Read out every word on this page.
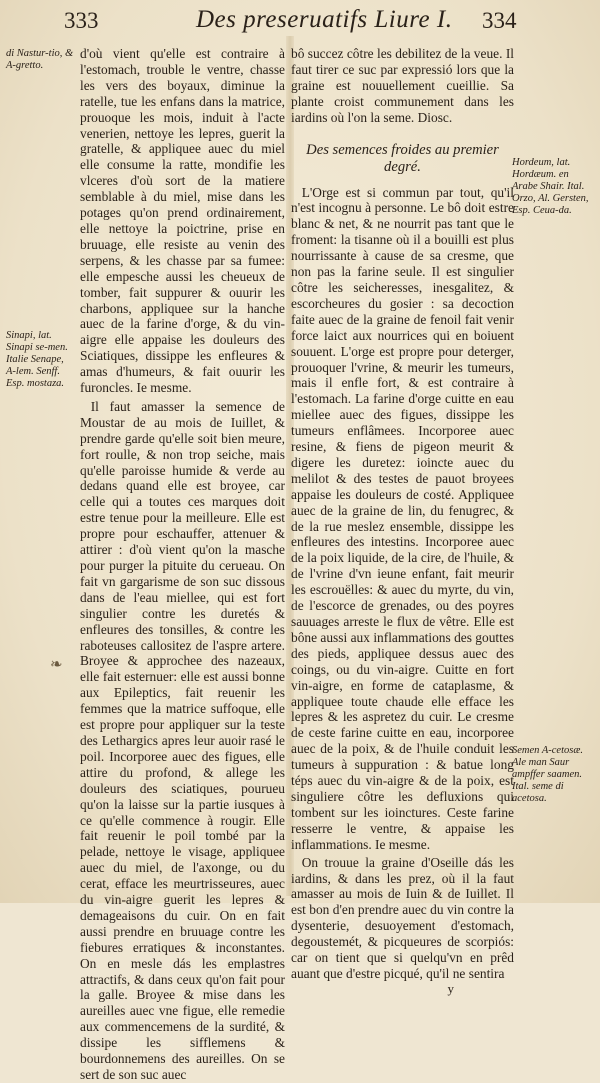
333	Des preseruatifs Liure I. 334
di Nastur-tio, & A-gretto.
Sinapi, lat. Sinapi se-men. Italie Senape, A-lem. Senff. Esp. mostaza.
Hordeum, lat. Hordæum. en Arabe Shair. Ital. Orzo, Al. Gersten, Esp. Ceua-da.
Semen A-cetosæ. Ale man Saur ampffer saamen. Ital. seme di acetosa.
❧

d'où vient qu'elle est contraire à l'estomach, trouble le ventre, chasse les vers des boyaux, diminue la ratelle, tue les enfans dans la matrice, prouoque les mois, induit à l'acte venerien, nettoye les lepres, guerit la gratelle, & appliquee auec du miel elle consume la ratte, mondifie les vlceres d'où sort de la matiere semblable à du miel, mise dans les potages qu'on prend ordinairement, elle nettoye la poictrine, prise en bruuage, elle resiste au venin des serpens, & les chasse par sa fumee: elle empesche aussi les cheueux de tomber, fait suppurer & ouurir les charbons, appliquee sur la hanche auec de la farine d'orge, & du vin-aigre elle appaise les douleurs des Sciatiques, dissippe les enfleures & amas d'humeurs, & fait ouurir les furoncles. Ie mesme.

Il faut amasser la semence de Moustar de au mois de Iuillet, & prendre garde qu'elle soit bien meure, fort roulle, & non trop seiche, mais qu'elle paroisse humide & verde au dedans quand elle est broyee, car celle qui a toutes ces marques doit estre tenue pour la meilleure. Elle est propre pour eschauffer, attenuer & attirer : d'où vient qu'on la masche pour purger la pituite du cerueau. On fait vn gargarisme de son suc dissous dans de l'eau miellee, qui est fort singulier contre les duretés & enfleures des tonsilles, & contre les raboteuses callositez de l'aspre artere. Broyee & approchee des nazeaux, elle fait esternuer: elle est aussi bonne aux Epileptics, fait reuenir les femmes que la matrice suffoque, elle est propre pour appliquer sur la teste des Lethargics apres leur auoir rasé le poil. Incorporee auec des figues, elle attire du profond, & allege les douleurs des sciatiques, pourueu qu'on la laisse sur la partie iusques à ce qu'elle commence à rougir. Elle fait reuenir le poil tombé par la pelade, nettoye le visage, appliquee auec du miel, de l'axonge, ou du cerat, efface les meurtrisseures, auec du vin-aigre guerit les lepres & demageaisons du cuir. On en fait aussi prendre en bruuage contre les fiebures erratiques & inconstantes. On en mesle dás les emplastres attractifs, & dans ceux qu'on fait pour la galle. Broyee & mise dans les aureilles auec vne figue, elle remedie aux commencemens de la surdité, & dissipe les sifflemens & bourdonnemens des aureilles. On se sert de son suc auec

bô succez côtre les debilitez de la veue. Il faut tirer ce suc par expressió lors que la graine est nouuellement cueillie. Sa plante croist communement dans les iardins où l'on la seme. Diosc.

Des semences froides au premier degré.

L'Orge est si commun par tout, qu'il n'est incognu à personne. Le bô doit estre blanc & net, & ne nourrit pas tant que le froment: la tisanne où il a bouilli est plus nourrissante à cause de sa cresme, que non pas la farine seule. Il est singulier côtre les seicheresses, inesgalitez, & escorcheures du gosier : sa decoction faite auec de la graine de fenoil fait venir force laict aux nourrices qui en boiuent souuent. L'orge est propre pour deterger, prouoquer l'vrine, & meurir les tumeurs, mais il enfle fort, & est contraire à l'estomach. La farine d'orge cuitte en eau miellee auec des figues, dissippe les tumeurs enflâmees. Incorporee auec resine, & fiens de pigeon meurit & digere les duretez: ioincte auec du melilot & des testes de pauot broyees appaise les douleurs de costé. Appliquee auec de la graine de lin, du fenugrec, & de la rue meslez ensemble, dissippe les enfleures des intestins. Incorporee auec de la poix liquide, de la cire, de l'huile, & de l'vrine d'vn ieune enfant, fait meurir les escrouëlles: & auec du myrte, du vin, de l'escorce de grenades, ou des poyres sauuages arreste le flux de vêtre. Elle est bône aussi aux inflammations des gouttes des pieds, appliquee dessus auec des coings, ou du vin-aigre. Cuitte en fort vin-aigre, en forme de cataplasme, & appliquee toute chaude elle efface les lepres & les aspretez du cuir. Le cresme de ceste farine cuitte en eau, incorporee auec de la poix, & de l'huile conduit les tumeurs à suppuration : & batue long téps auec du vin-aigre & de la poix, est singuliere côtre les defluxions qui tombent sur les ioinctures. Ceste farine resserre le ventre, & appaise les inflammations. Ie mesme.

On trouue la graine d'Oseille dás les iardins, & dans les prez, où il la faut amasser au mois de Iuin & de Iuillet. Il est bon d'en prendre auec du vin contre la dysenterie, desuoyement d'estomach, degoustemét, & picqueures de scorpiós: car on tient que si quelqu'vn en prêd auant que d'estre picqué, qu'il ne sentira

y
